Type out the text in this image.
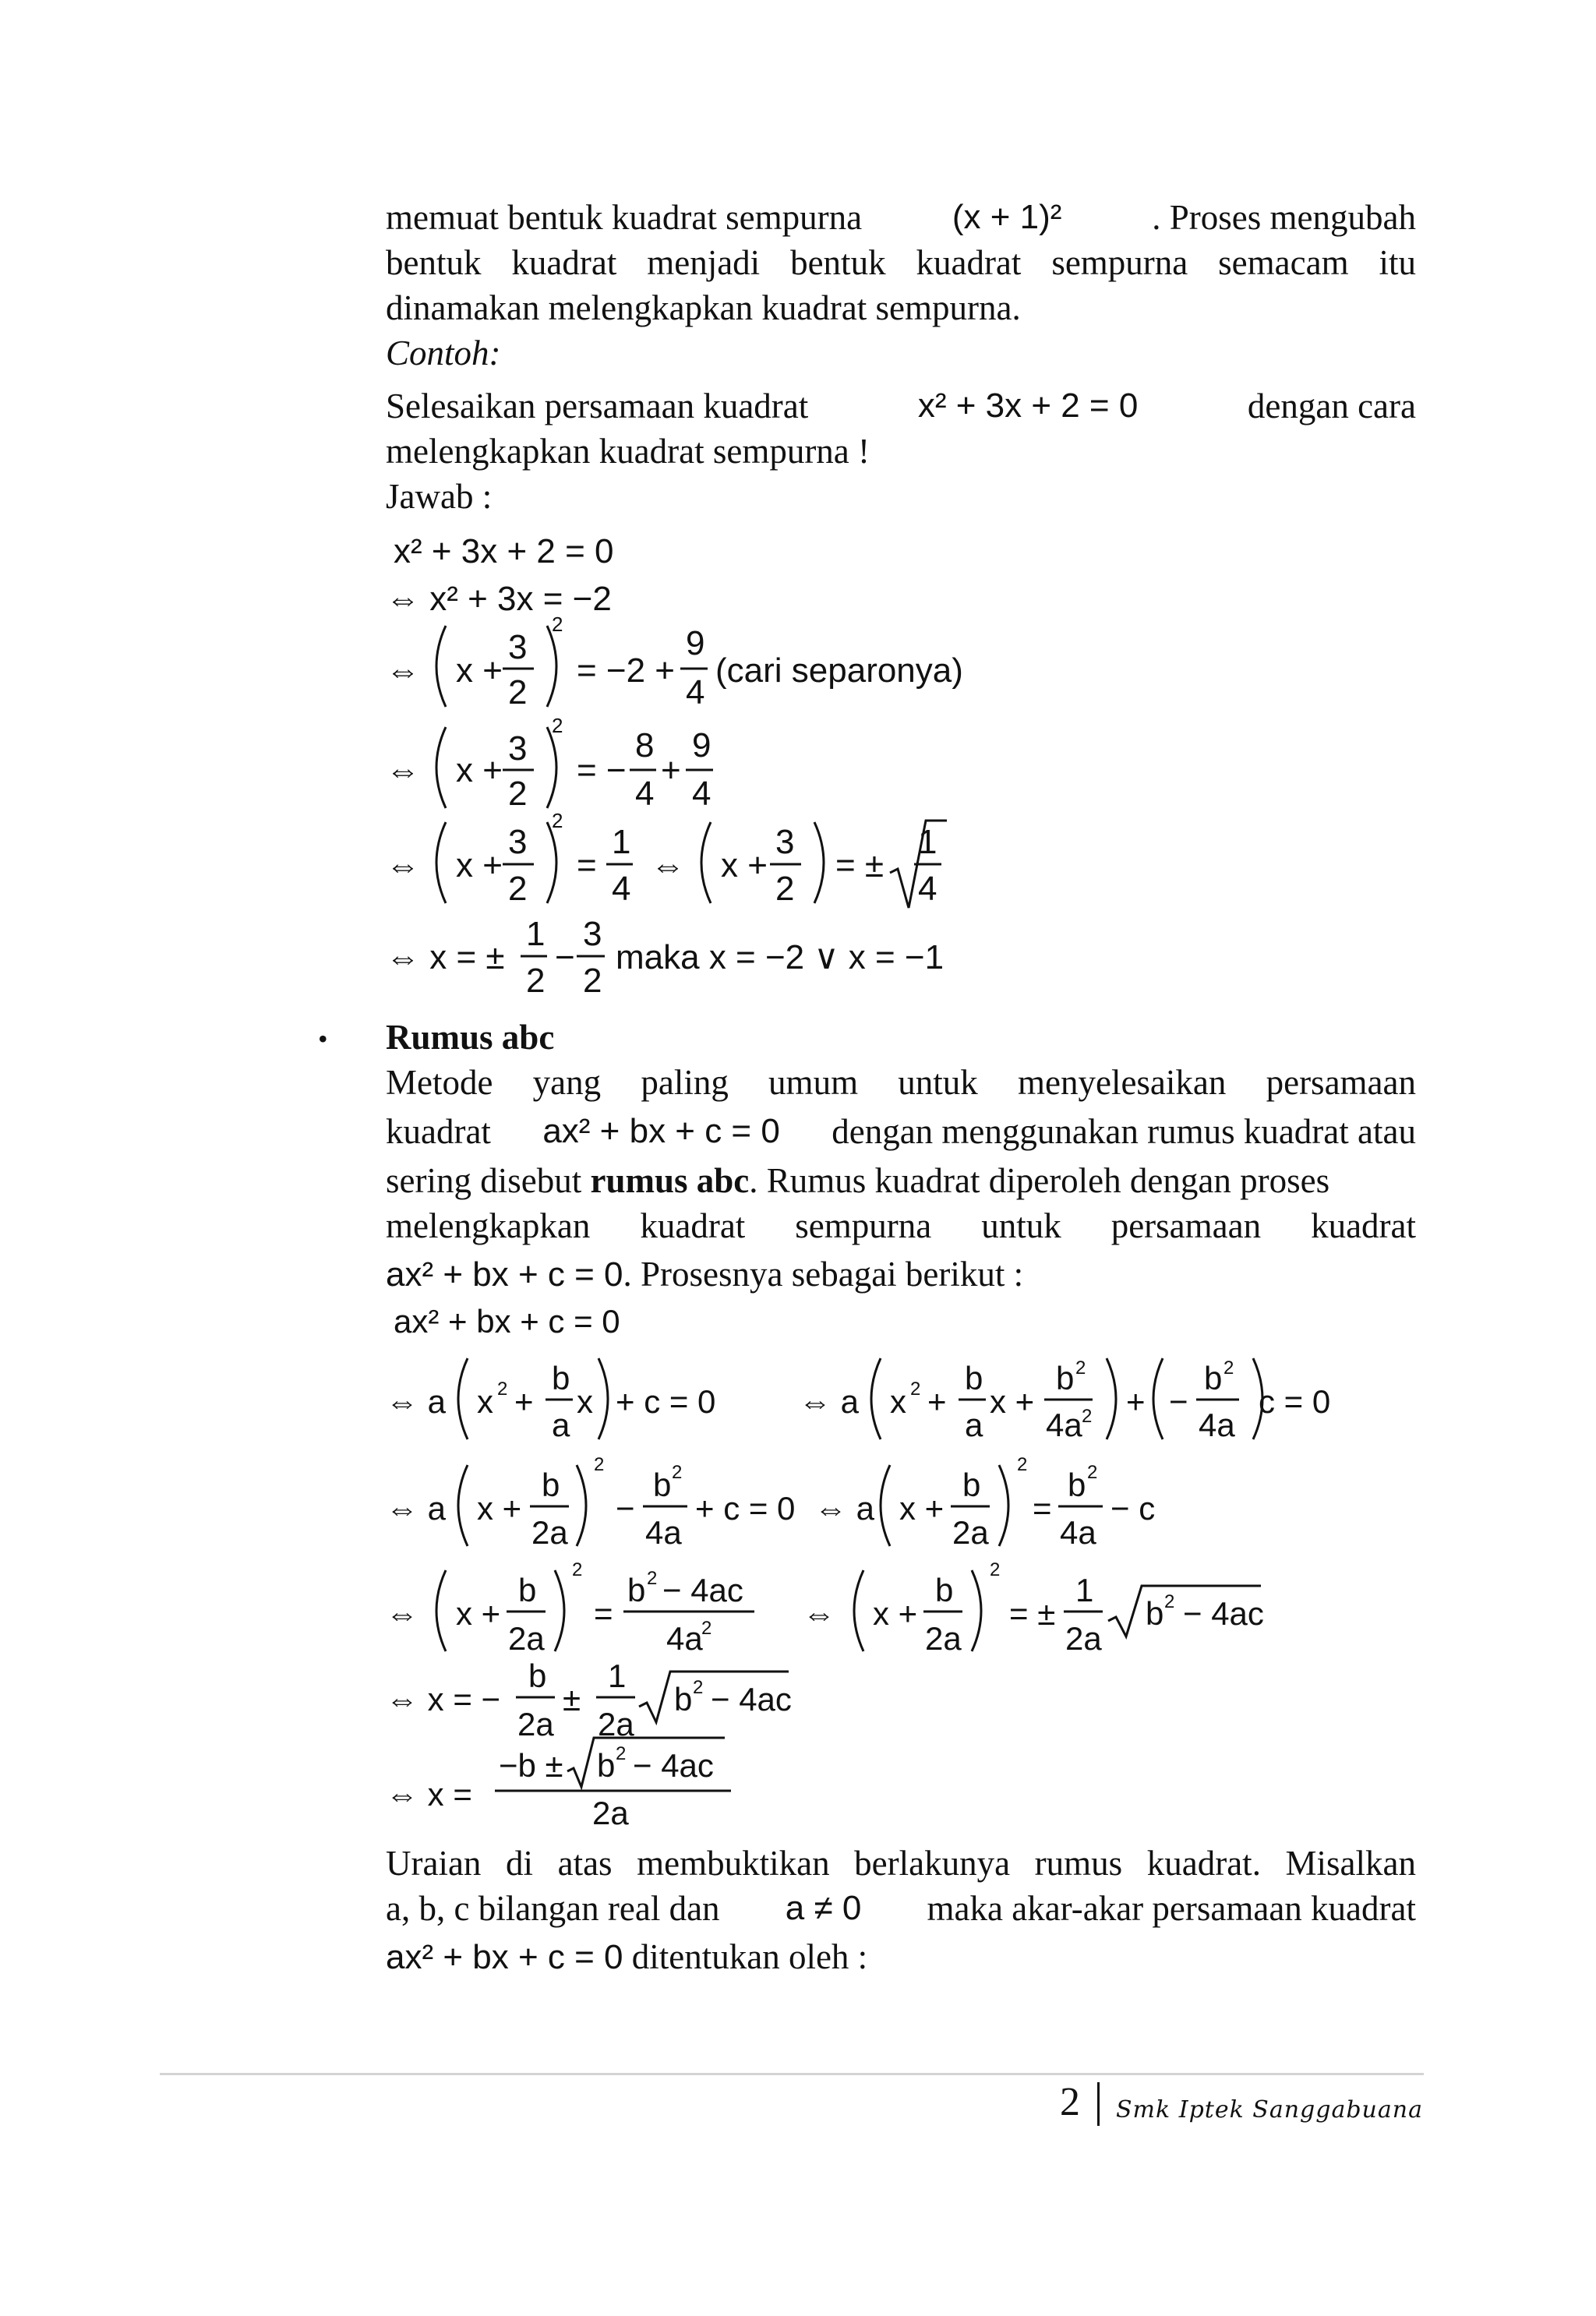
memuat bentuk kuadrat sempurna	(x + 1)²	. Proses mengubah
bentuk kuadrat menjadi bentuk kuadrat sempurna semacam itu
dinamakan melengkapkan kuadrat sempurna.
Contoh:
Selesaikan persamaan kuadrat	x² + 3x + 2 = 0	dengan cara
melengkapkan kuadrat sempurna !
Jawab :
x² + 3x + 2 = 0
⇔ x² + 3x = −2
⇔ x +
3
2
2
= −2 +
9
4
(cari separonya)
⇔ x +
3
2
2
= −
8
4
+
9
4
⇔ x +
3
2
2
=
1
4
⇔ x +
3
2
= ±
1
4
⇔ x = ±
1
2
−
3
2
maka x = −2 ∨ x = −1
• Rumus abc
Metode yang paling umum untuk menyelesaikan persamaan
kuadrat ax² + bx + c = 0 dengan menggunakan rumus kuadrat atau
sering disebut rumus abc. Rumus kuadrat diperoleh dengan proses
melengkapkan kuadrat sempurna untuk persamaan kuadrat
ax² + bx + c = 0. Prosesnya sebagai berikut :
ax² + bx + c = 0
⇔ a x 2 +
b
a
x + c = 0	⇔ a x 2 +
b
a
x +
b 2
4a 2 + −
b 2
4a
c = 0
⇔ a x +
b
2a
2
−
b 2
4a
+ c = 0 ⇔ a x +
b
2a
2
=
b 2
4a
− c
⇔ x +
b
2a
2
=
b 2 − 4ac
4a
2	⇔ x +
b
2a
2
= ±
1
2a
b 2 − 4ac
⇔ x = −
b
2a
±
1
2a
b 2 − 4ac
⇔ x =
−b ± b 2 − 4ac
2a
Uraian di atas membuktikan berlakunya rumus kuadrat. Misalkan
a, b, c bilangan real dan a ≠ 0 maka akar-akar persamaan kuadrat
ax² + bx + c = 0 ditentukan oleh :
2 Smk Iptek Sanggabuana
